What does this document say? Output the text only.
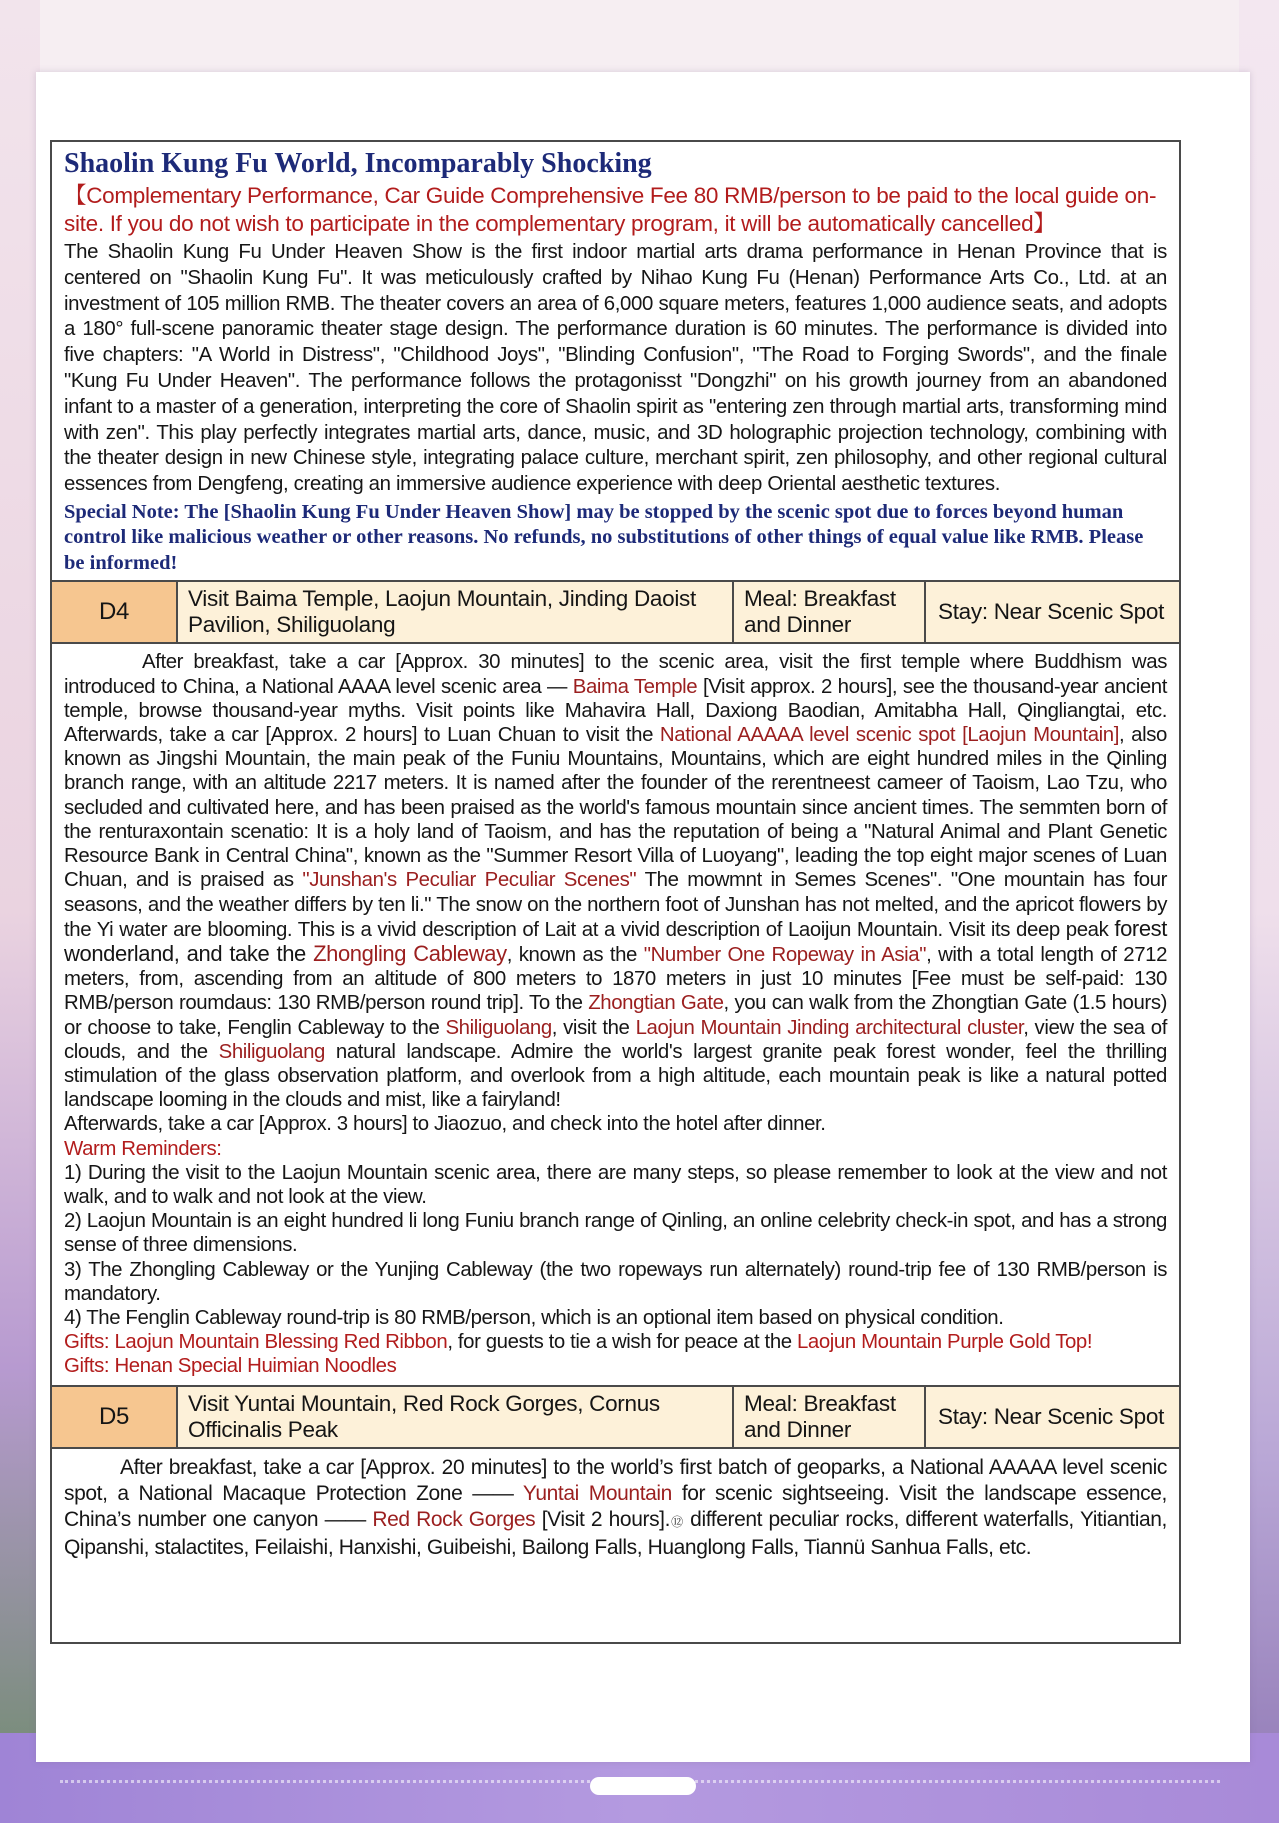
Shaolin Kung Fu World, Incomparably Shocking

【Complementary Performance, Car Guide Comprehensive Fee 80 RMB/person to be paid to the local guide on-site. If you do not wish to participate in the complementary program, it will be automatically cancelled】

The Shaolin Kung Fu Under Heaven Show is the first indoor martial arts drama performance in Henan Province that is centered on "Shaolin Kung Fu". It was meticulously crafted by Nihao Kung Fu (Henan) Performance Arts Co., Ltd. at an investment of 105 million RMB. The theater covers an area of 6,000 square meters, features 1,000 audience seats, and adopts a 180° full-scene panoramic theater stage design. The performance duration is 60 minutes. The performance is divided into five chapters: "A World in Distress", "Childhood Joys", "Blinding Confusion", "The Road to Forging Swords", and the finale "Kung Fu Under Heaven". The performance follows the protagonisst "Dongzhi" on his growth journey from an abandoned infant to a master of a generation, interpreting the core of Shaolin spirit as "entering zen through martial arts, transforming mind with zen". This play perfectly integrates martial arts, dance, music, and 3D holographic projection technology, combining with the theater design in new Chinese style, integrating palace culture, merchant spirit, zen philosophy, and other regional cultural essences from Dengfeng, creating an immersive audience experience with deep Oriental aesthetic textures.

Special Note: The [Shaolin Kung Fu Under Heaven Show] may be stopped by the scenic spot due to forces beyond human control like malicious weather or other reasons. No refunds, no substitutions of other things of equal value like RMB. Please be informed!

D4	Visit Baima Temple, Laojun Mountain, Jinding Daoist Pavilion, Shiliguolang
Meal: Breakfast and Dinner
Stay: Near Scenic Spot

After breakfast, take a car [Approx. 30 minutes] to the scenic area, visit the first temple where Buddhism was introduced to China, a National AAAA level scenic area — Baima Temple [Visit approx. 2 hours], see the thousand-year ancient temple, browse thousand-year myths. Visit points like Mahavira Hall, Daxiong Baodian, Amitabha Hall, Qingliangtai, etc. Afterwards, take a car [Approx. 2 hours] to Luan Chuan to visit the National AAAAA level scenic spot [Laojun Mountain], also known as Jingshi Mountain, the main peak of the Funiu Mountains, Mountains, which are eight hundred miles in the Qinling branch range, with an altitude 2217 meters. It is named after the founder of the rerentneest cameer of Taoism, Lao Tzu, who secluded and cultivated here, and has been praised as the world's famous mountain since ancient times. The semmten born of the renturaxontain scenatio: It is a holy land of Taoism, and has the reputation of being a "Natural Animal and Plant Genetic Resource Bank in Central China", known as the "Summer Resort Villa of Luoyang", leading the top eight major scenes of Luan Chuan, and is praised as "Junshan's Peculiar Peculiar Scenes" The mowmnt in Semes Scenes". "One mountain has four seasons, and the weather differs by ten li." The snow on the northern foot of Junshan has not melted, and the apricot flowers by the Yi water are blooming. This is a vivid description of Lait at a vivid description of Laoijun Mountain. Visit its deep peak forest wonderland, and take the Zhongling Cableway, known as the "Number One Ropeway in Asia", with a total length of 2712 meters, from, ascending from an altitude of 800 meters to 1870 meters in just 10 minutes [Fee must be self-paid: 130 RMB/person roumdaus: 130 RMB/person round trip]. To the Zhongtian Gate, you can walk from the Zhongtian Gate (1.5 hours) or choose to take, Fenglin Cableway to the Shiliguolang, visit the Laojun Mountain Jinding architectural cluster, view the sea of clouds, and the Shiliguolang natural landscape. Admire the world's largest granite peak forest wonder, feel the thrilling stimulation of the glass observation platform, and overlook from a high altitude, each mountain peak is like a natural potted landscape looming in the clouds and mist, like a fairyland!

Afterwards, take a car [Approx. 3 hours] to Jiaozuo, and check into the hotel after dinner.

Warm Reminders:

1) During the visit to the Laojun Mountain scenic area, there are many steps, so please remember to look at the view and not walk, and to walk and not look at the view.

2) Laojun Mountain is an eight hundred li long Funiu branch range of Qinling, an online celebrity check-in spot, and has a strong sense of three dimensions.

3) The Zhongling Cableway or the Yunjing Cableway (the two ropeways run alternately) round-trip fee of 130 RMB/person is mandatory.

4) The Fenglin Cableway round-trip is 80 RMB/person, which is an optional item based on physical condition.

Gifts: Laojun Mountain Blessing Red Ribbon, for guests to tie a wish for peace at the Laojun Mountain Purple Gold Top!

Gifts: Henan Special Huimian Noodles

D5	Visit Yuntai Mountain, Red Rock Gorges, Cornus Officinalis Peak
Meal: Breakfast and Dinner
Stay: Near Scenic Spot

After breakfast, take a car [Approx. 20 minutes] to the world’s first batch of geoparks, a National AAAAA level scenic spot, a National Macaque Protection Zone —— Yuntai Mountain for scenic sightseeing. Visit the landscape essence, China’s number one canyon —— Red Rock Gorges [Visit 2 hours].⑫ different peculiar rocks, different waterfalls, Yitiantian, Qipanshi, stalactites, Feilaishi, Hanxishi, Guibeishi, Bailong Falls, Huanglong Falls, Tiannü Sanhua Falls, etc.
